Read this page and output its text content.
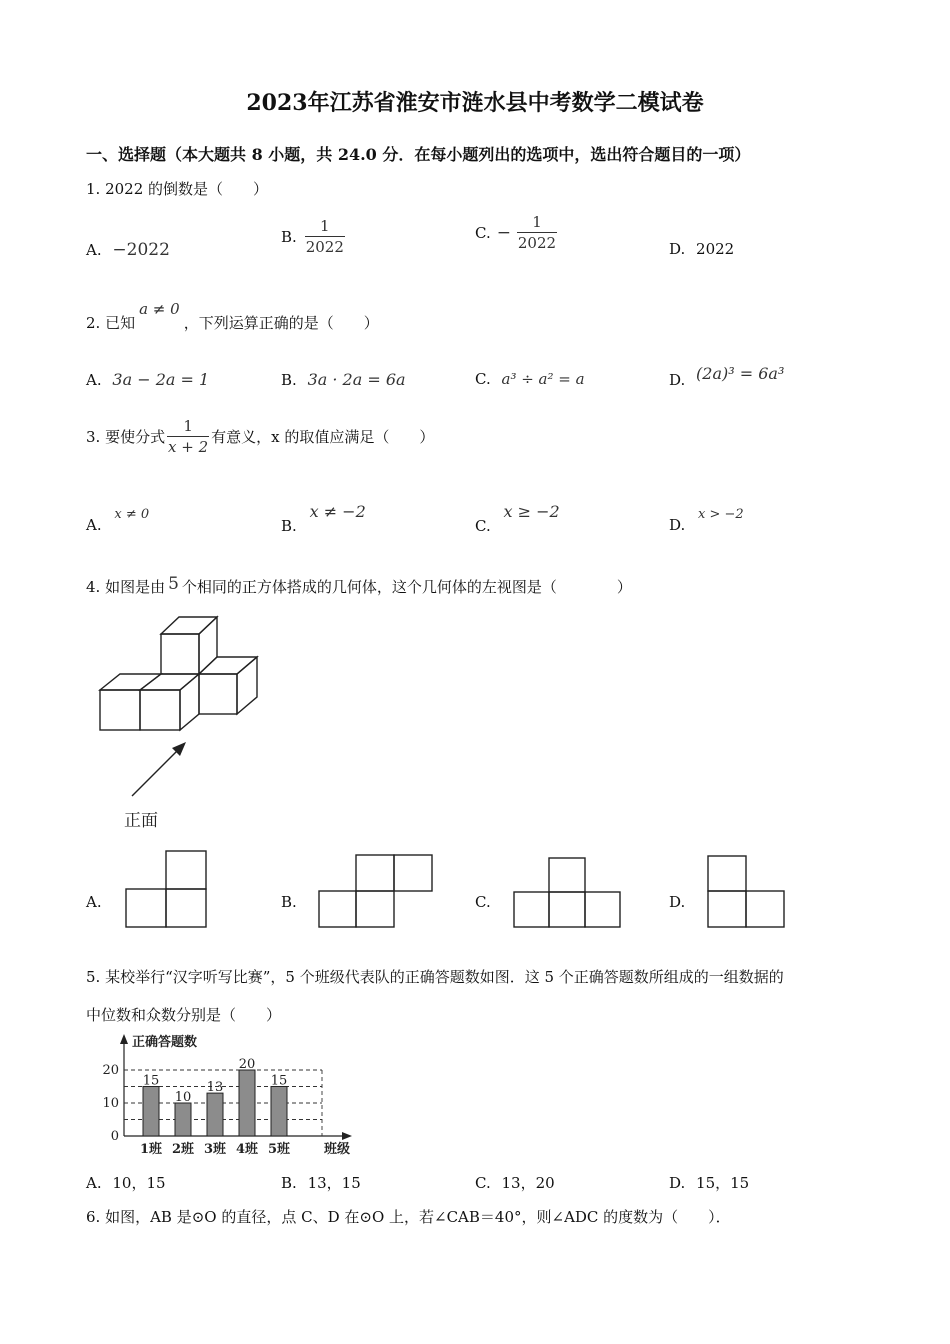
2023年江苏省淮安市涟水县中考数学二模试卷
一、选择题（本大题共 8 小题，共 24.0 分．在每小题列出的选项中，选出符合题目的一项）
1. 2022 的倒数是（　　）
A. −2022
B. $\frac{1}{2022}$	C. − $\frac{1}{2022}$	D. 2022
2. 已知a ≠ 0，下列运算正确的是（　　）
A. 3a − 2a = 1	B. 3a · 2a = 6a	C. a³ ÷ a² = a	D. (2a)³ = 6a³
3. 要使分式 $\frac{1}{x + 2}$ 有意义，x 的取值应满足（　　）
A. x ≠ 0
B. x ≠ −2
C. x ≥ −2
D. x > −2
4. 如图是由 5 个相同的正方体搭成的几何体，这个几何体的左视图是（　　　　）
正面
A.	B.	C.	D.
5. 某校举行“汉字听写比赛”，5 个班级代表队的正确答题数如图．这 5 个正确答题数所组成的一组数据的
中位数和众数分别是（　　）
0
10
20
正确答题数
班级
15
1班
10
2班
13
3班
20
4班
15
5班
A. 10，15	B. 13，15	C. 13，20	D. 15，15
6. 如图，AB 是⊙O 的直径，点 C、D 在⊙O 上，若∠CAB＝40°，则∠ADC 的度数为（　　）．
